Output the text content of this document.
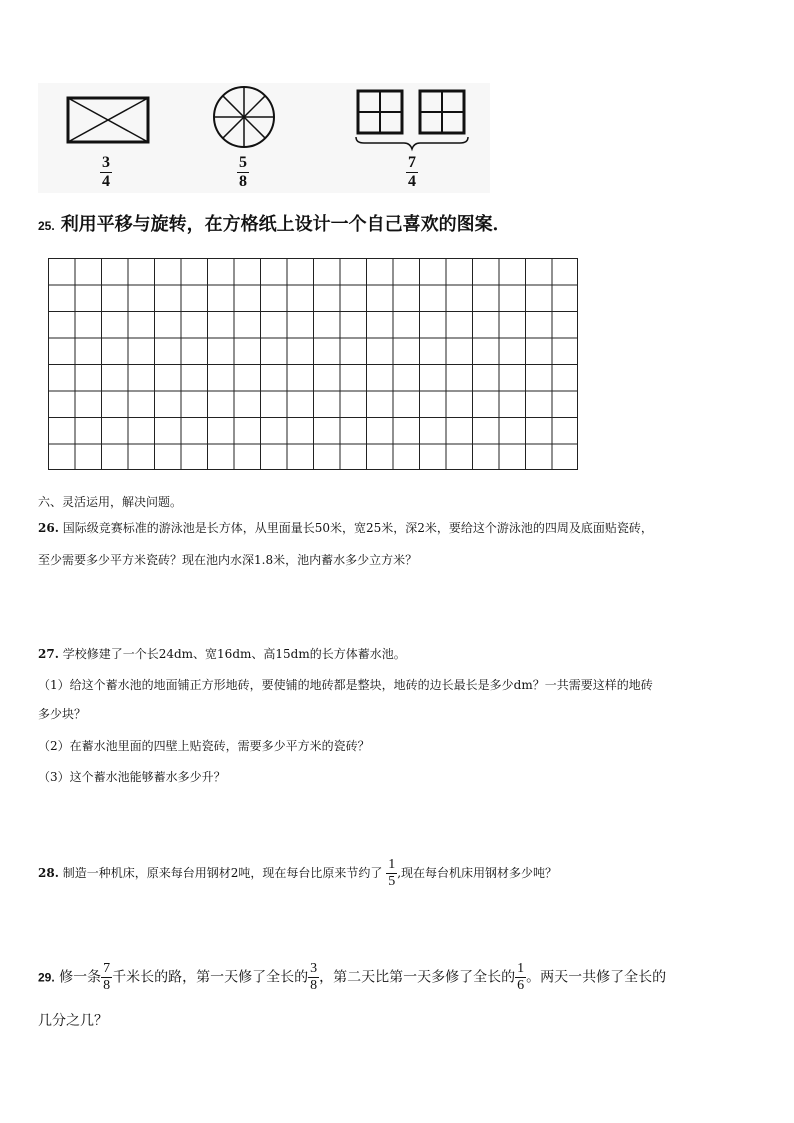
$\frac{3}{4}$	$\frac{5}{8}$	$\frac{7}{4}$
25. 利用平移与旋转，在方格纸上设计一个自己喜欢的图案．
六、灵活运用，解决问题。
26. 国际级竞赛标准的游泳池是长方体，从里面量长50米，宽25米，深2米，要给这个游泳池的四周及底面贴瓷砖，
至少需要多少平方米瓷砖？现在池内水深1.8米，池内蓄水多少立方米？
27. 学校修建了一个长24dm、宽16dm、高15dm的长方体蓄水池。
（1）给这个蓄水池的地面铺正方形地砖，要使铺的地砖都是整块，地砖的边长最长是多少dm？一共需要这样的地砖
多少块？
（2）在蓄水池里面的四壁上贴瓷砖，需要多少平方米的瓷砖？
（3）这个蓄水池能够蓄水多少升？
28. 制造一种机床，原来每台用钢材2吨，现在每台比原来节约了 $\frac{1}{5}$ ,现在每台机床用钢材多少吨？
29. 修一条 $\frac{7}{8}$ 千米长的路，第一天修了全长的 $\frac{3}{8}$ ，第二天比第一天多修了全长的 $\frac{1}{6}$ 。两天一共修了全长的
几分之几？
